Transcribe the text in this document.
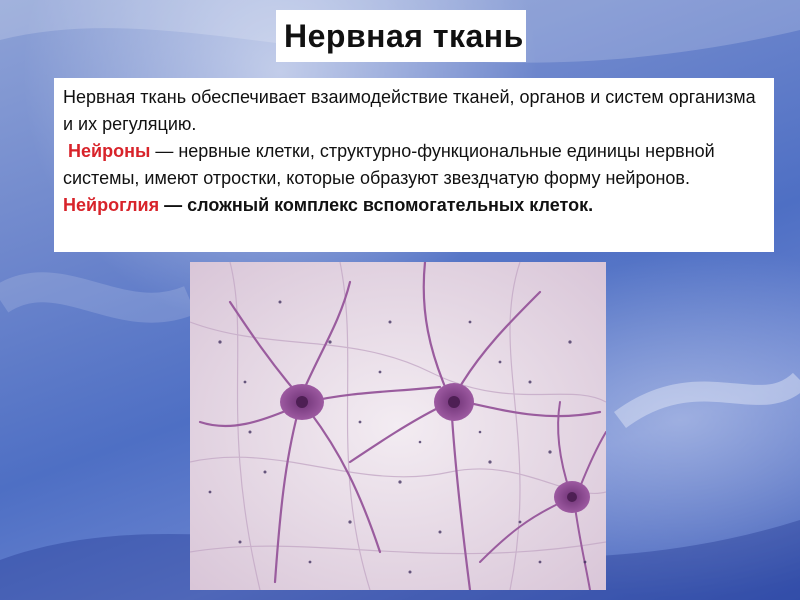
Нервная ткань

Нервная ткань обеспечивает взаимодействие тканей, органов и систем организма и их регуляцию.

Нейроны — нервные клетки, структурно-функциональные единицы нервной системы, имеют отростки, которые образуют звездчатую форму нейронов.

Нейроглия — сложный комплекс вспомогательных клеток.
